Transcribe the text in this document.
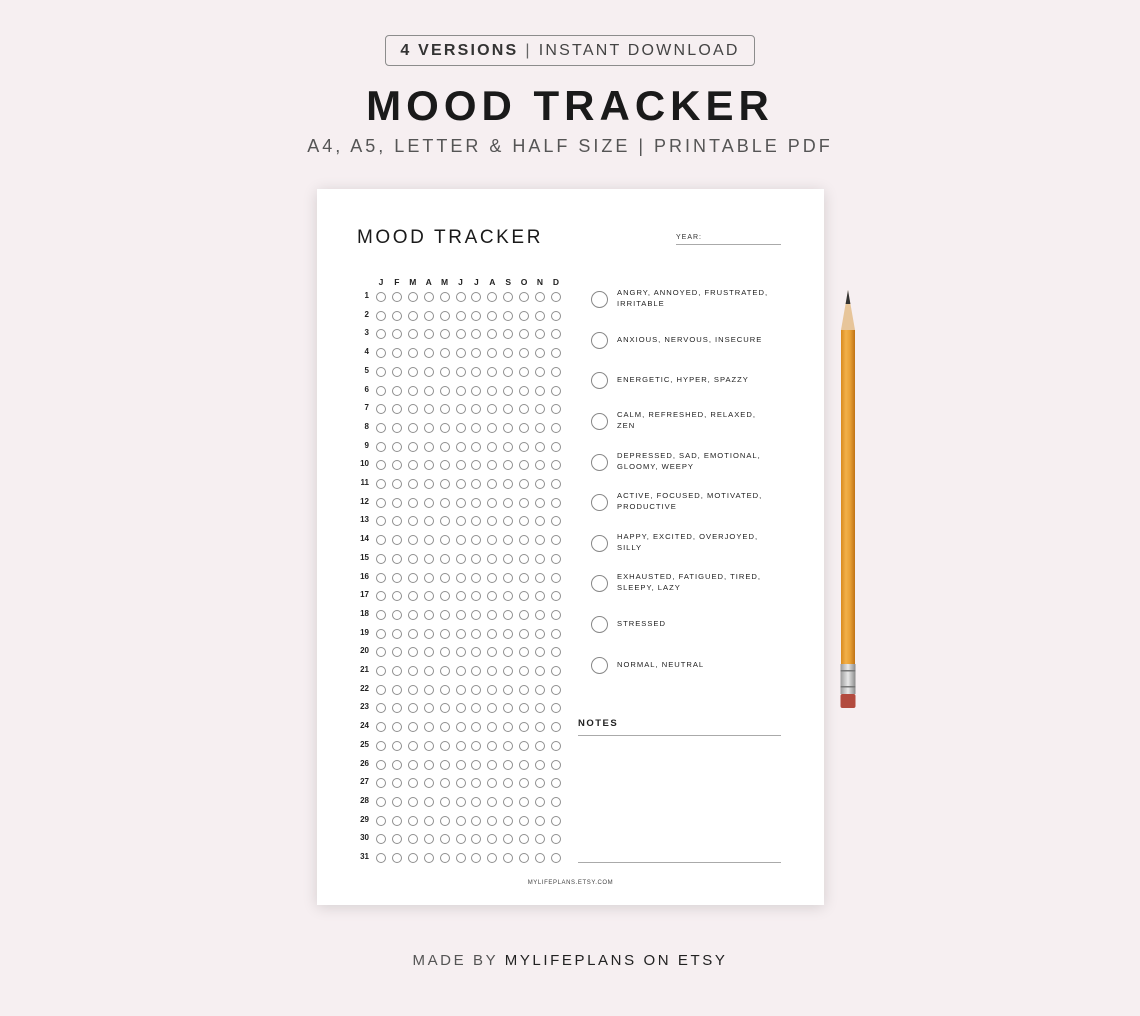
4 VERSIONS | INSTANT DOWNLOAD
MOOD TRACKER
A4, A5, LETTER & HALF SIZE | PRINTABLE PDF
MOOD TRACKER	YEAR:
J	F	M	A	M	J	J	A	S	O	N	D
1
2
3
4
5
6
7
8
9
10
11
12
13
14
15
16
17
18
19
20
21
22
23
24
25
26
27
28
29
30
31
ANGRY, ANNOYED, FRUSTRATED, IRRITABLE
ANXIOUS, NERVOUS, INSECURE
ENERGETIC, HYPER, SPAZZY
CALM, REFRESHED, RELAXED, ZEN
DEPRESSED, SAD, EMOTIONAL, GLOOMY, WEEPY
ACTIVE, FOCUSED, MOTIVATED, PRODUCTIVE
HAPPY, EXCITED, OVERJOYED, SILLY
EXHAUSTED, FATIGUED, TIRED, SLEEPY, LAZY
STRESSED
NORMAL, NEUTRAL
NOTES
MYLIFEPLANS.ETSY.COM
MADE BY MYLIFEPLANS ON ETSY
